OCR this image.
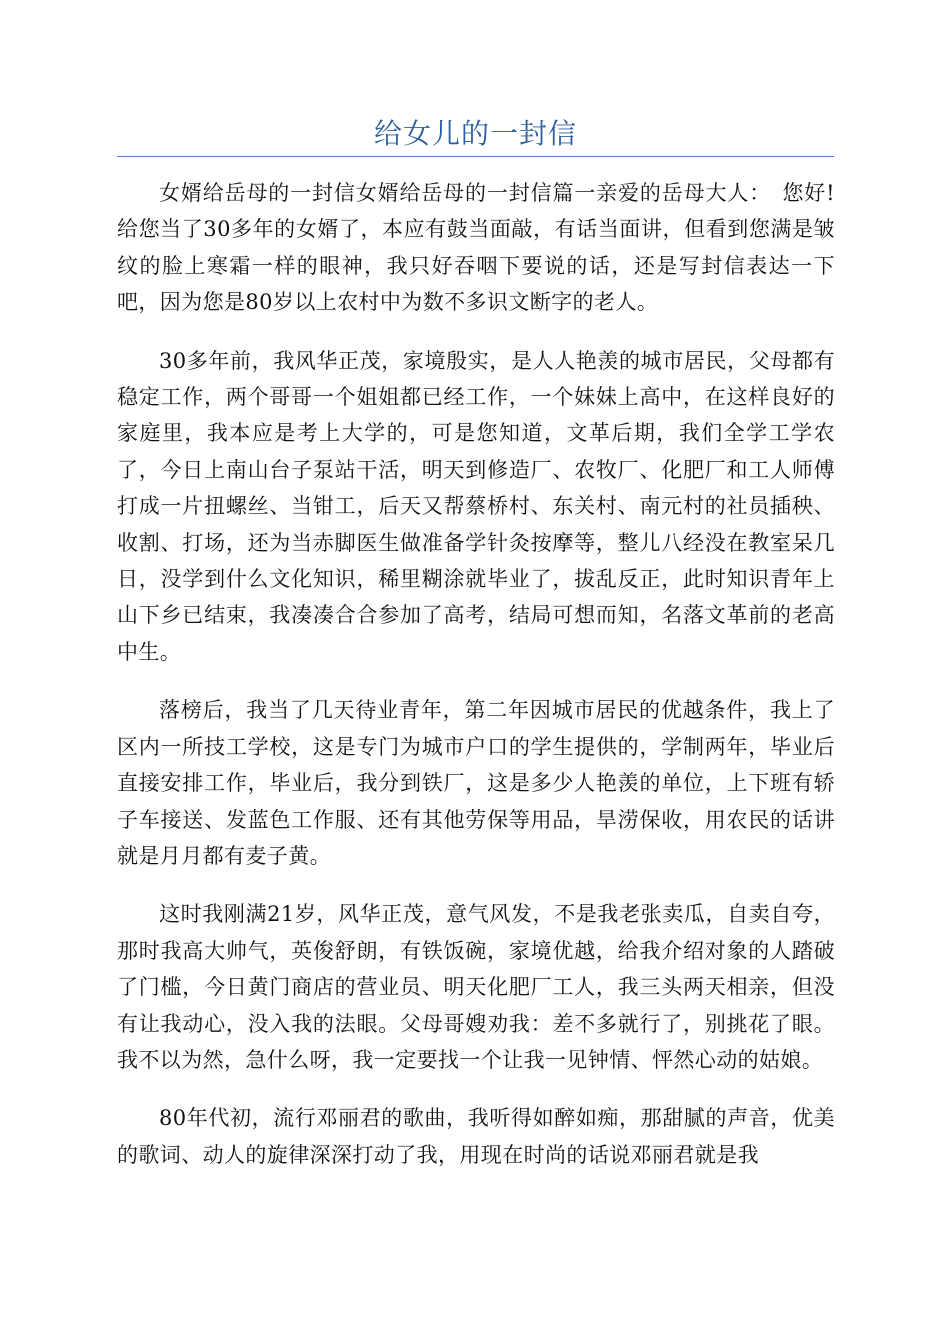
给女儿的一封信

女婿给岳母的一封信女婿给岳母的一封信篇一亲爱的岳母大人：　您好!给您当了30多年的女婿了，本应有鼓当面敲，有话当面讲，但看到您满是皱纹的脸上寒霜一样的眼神，我只好吞咽下要说的话，还是写封信表达一下吧，因为您是80岁以上农村中为数不多识文断字的老人。

30多年前，我风华正茂，家境殷实，是人人艳羡的城市居民，父母都有稳定工作，两个哥哥一个姐姐都已经工作，一个妹妹上高中，在这样良好的家庭里，我本应是考上大学的，可是您知道，文革后期，我们全学工学农了，今日上南山台子泵站干活，明天到修造厂、农牧厂、化肥厂和工人师傅打成一片扭螺丝、当钳工，后天又帮蔡桥村、东关村、南元村的社员插秧、收割、打场，还为当赤脚医生做准备学针灸按摩等，整儿八经没在教室呆几日，没学到什么文化知识，稀里糊涂就毕业了，拔乱反正，此时知识青年上山下乡已结束，我凑凑合合参加了高考，结局可想而知，名落文革前的老高中生。

落榜后，我当了几天待业青年，第二年因城市居民的优越条件，我上了区内一所技工学校，这是专门为城市户口的学生提供的，学制两年，毕业后直接安排工作，毕业后，我分到铁厂，这是多少人艳羡的单位，上下班有轿子车接送、发蓝色工作服、还有其他劳保等用品，旱涝保收，用农民的话讲就是月月都有麦子黄。

这时我刚满21岁，风华正茂，意气风发，不是我老张卖瓜，自卖自夸，那时我高大帅气，英俊舒朗，有铁饭碗，家境优越，给我介绍对象的人踏破了门槛，今日黄门商店的营业员、明天化肥厂工人，我三头两天相亲，但没有让我动心，没入我的法眼。父母哥嫂劝我：差不多就行了，别挑花了眼。我不以为然，急什么呀，我一定要找一个让我一见钟情、怦然心动的姑娘。

80年代初，流行邓丽君的歌曲，我听得如醉如痴，那甜腻的声音，优美的歌词、动人的旋律深深打动了我，用现在时尚的话说邓丽君就是我
